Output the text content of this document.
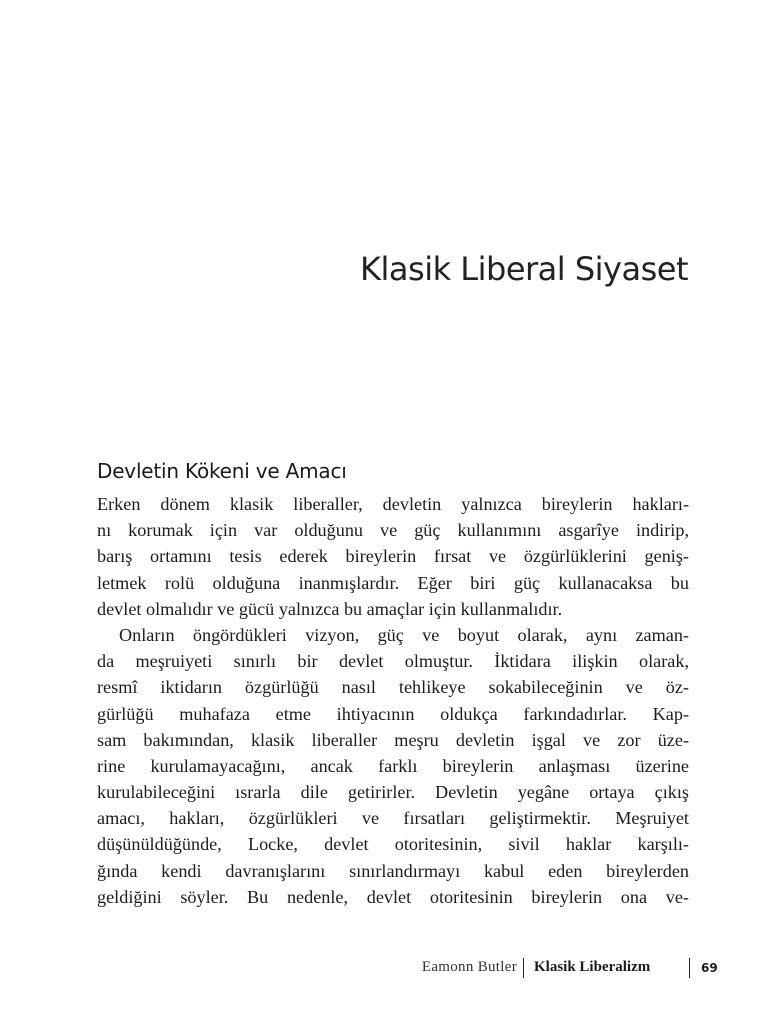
Klasik Liberal Siyaset
Devletin Kökeni ve Amacı
Erken dönem klasik liberaller, devletin yalnızca bireylerin hakları-
nı korumak için var olduğunu ve güç kullanımını asgarîye indirip,
barış ortamını tesis ederek bireylerin fırsat ve özgürlüklerini geniş-
letmek rolü olduğuna inanmışlardır. Eğer biri güç kullanacaksa bu
devlet olmalıdır ve gücü yalnızca bu amaçlar için kullanmalıdır.
Onların öngördükleri vizyon, güç ve boyut olarak, aynı zaman-
da meşruiyeti sınırlı bir devlet olmuştur. İktidara ilişkin olarak,
resmî iktidarın özgürlüğü nasıl tehlikeye sokabileceğinin ve öz-
gürlüğü muhafaza etme ihtiyacının oldukça farkındadırlar. Kap-
sam bakımından, klasik liberaller meşru devletin işgal ve zor üze-
rine kurulamayacağını, ancak farklı bireylerin anlaşması üzerine
kurulabileceğini ısrarla dile getirirler. Devletin yegâne ortaya çıkış
amacı, hakları, özgürlükleri ve fırsatları geliştirmektir. Meşruiyet
düşünüldüğünde, Locke, devlet otoritesinin, sivil haklar karşılı-
ğında kendi davranışlarını sınırlandırmayı kabul eden bireylerden
geldiğini söyler. Bu nedenle, devlet otoritesinin bireylerin ona ve-
Eamonn Butler Klasik Liberalizm	69
